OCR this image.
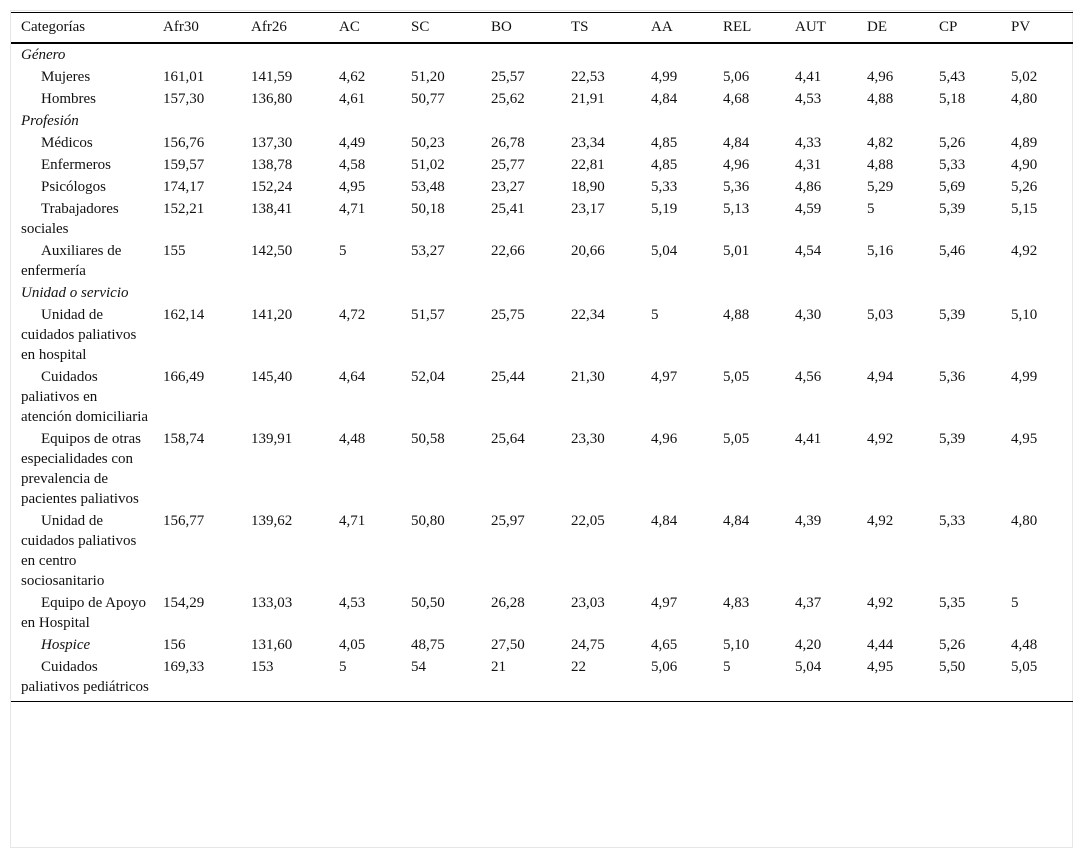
Categorías	Afr30	Afr26	AC	SC	BO	TS	AA	REL	AUT	DE	CP	PV
Género												
Mujeres	161,01	141,59	4,62	51,20	25,57	22,53	4,99	5,06	4,41	4,96	5,43	5,02
Hombres	157,30	136,80	4,61	50,77	25,62	21,91	4,84	4,68	4,53	4,88	5,18	4,80
Profesión												
Médicos	156,76	137,30	4,49	50,23	26,78	23,34	4,85	4,84	4,33	4,82	5,26	4,89
Enfermeros	159,57	138,78	4,58	51,02	25,77	22,81	4,85	4,96	4,31	4,88	5,33	4,90
Psicólogos	174,17	152,24	4,95	53,48	23,27	18,90	5,33	5,36	4,86	5,29	5,69	5,26
Trabajadores sociales	152,21	138,41	4,71	50,18	25,41	23,17	5,19	5,13	4,59	5	5,39	5,15
Auxiliares de enfermería	155	142,50	5	53,27	22,66	20,66	5,04	5,01	4,54	5,16	5,46	4,92
Unidad o servicio												
Unidad de cuidados paliativos en hospital	162,14	141,20	4,72	51,57	25,75	22,34	5	4,88	4,30	5,03	5,39	5,10
Cuidados paliativos en atención domiciliaria	166,49	145,40	4,64	52,04	25,44	21,30	4,97	5,05	4,56	4,94	5,36	4,99
Equipos de otras especialidades con prevalencia de pacientes paliativos	158,74	139,91	4,48	50,58	25,64	23,30	4,96	5,05	4,41	4,92	5,39	4,95
Unidad de cuidados paliativos en centro sociosanitario	156,77	139,62	4,71	50,80	25,97	22,05	4,84	4,84	4,39	4,92	5,33	4,80
Equipo de Apoyo en Hospital	154,29	133,03	4,53	50,50	26,28	23,03	4,97	4,83	4,37	4,92	5,35	5
Hospice	156	131,60	4,05	48,75	27,50	24,75	4,65	5,10	4,20	4,44	5,26	4,48
Cuidados paliativos pediátricos	169,33	153	5	54	21	22	5,06	5	5,04	4,95	5,50	5,05
